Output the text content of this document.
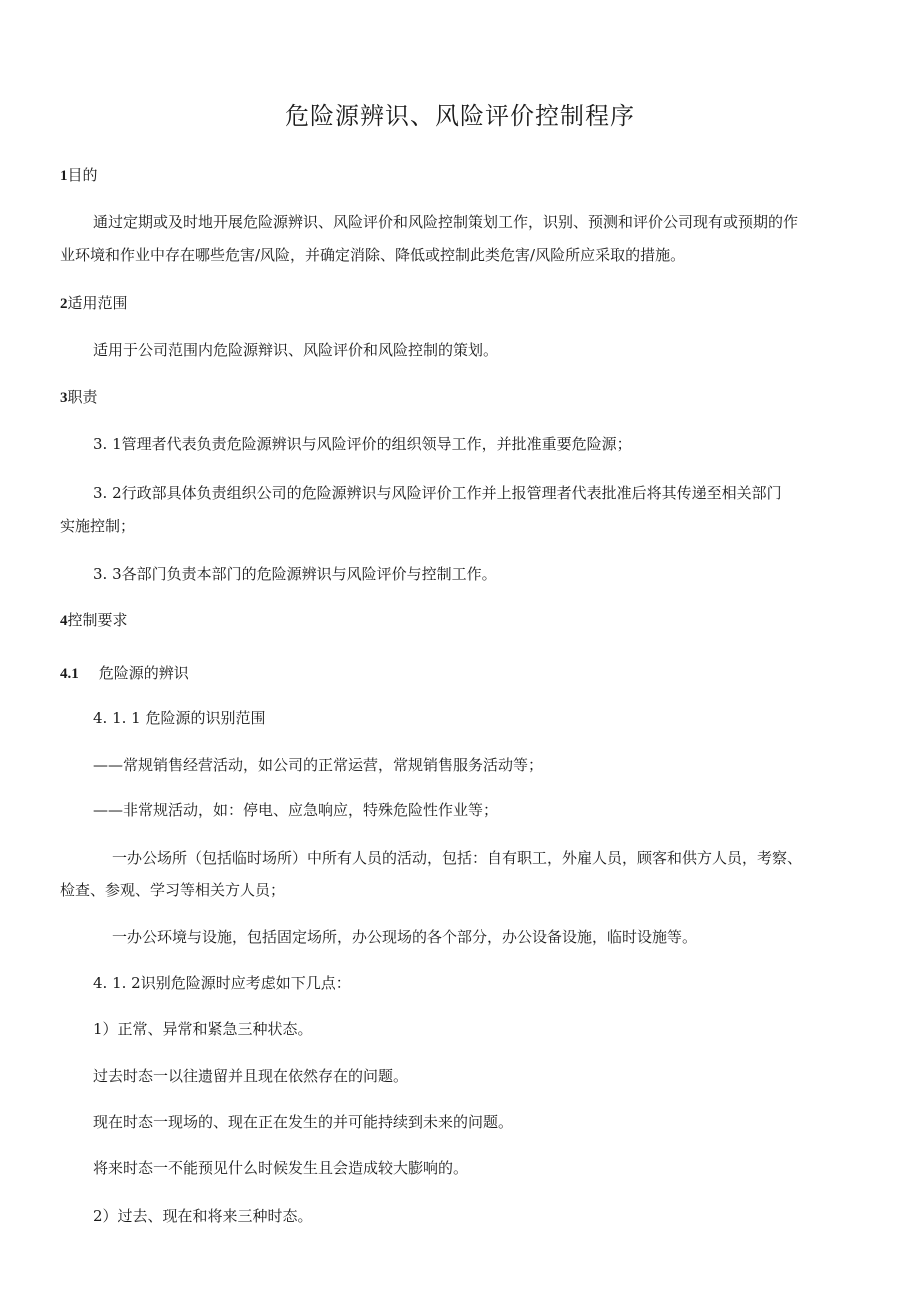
危险源辨识、风险评价控制程序
1目的

通过定期或及时地开展危险源辨识、风险评价和风险控制策划工作，识别、预测和评价公司现有或预期的作

业环境和作业中存在哪些危害/风险，并确定消除、降低或控制此类危害/风险所应采取的措施。

2适用范围

适用于公司范围内危险源辩识、风险评价和风险控制的策划。

3职责

3. 1管理者代表负责危险源辨识与风险评价的组织领导工作，并批准重要危险源；

3. 2行政部具体负责组织公司的危险源辨识与风险评价工作并上报管理者代表批准后将其传递至相关部门

实施控制；

3. 3各部门负责本部门的危险源辨识与风险评价与控制工作。

4控制要求
4.1 危险源的辨识

4. 1. 1 危险源的识别范围

——常规销售经营活动，如公司的正常运营，常规销售服务活动等；

——非常规活动，如：停电、应急响应，特殊危险性作业等；

一办公场所（包括临时场所）中所有人员的活动，包括：自有职工，外雇人员，顾客和供方人员，考察、

检查、参观、学习等相关方人员；

一办公环境与设施，包括固定场所，办公现场的各个部分，办公设备设施，临时设施等。

4. 1. 2识别危险源时应考虑如下几点：

1）正常、异常和紧急三种状态。

过去时态一以往遗留并且现在依然存在的问题。

现在时态一现场的、现在正在发生的并可能持续到未来的问题。

将来时态一不能预见什么时候发生且会造成较大膨响的。

2）过去、现在和将来三种时态。
